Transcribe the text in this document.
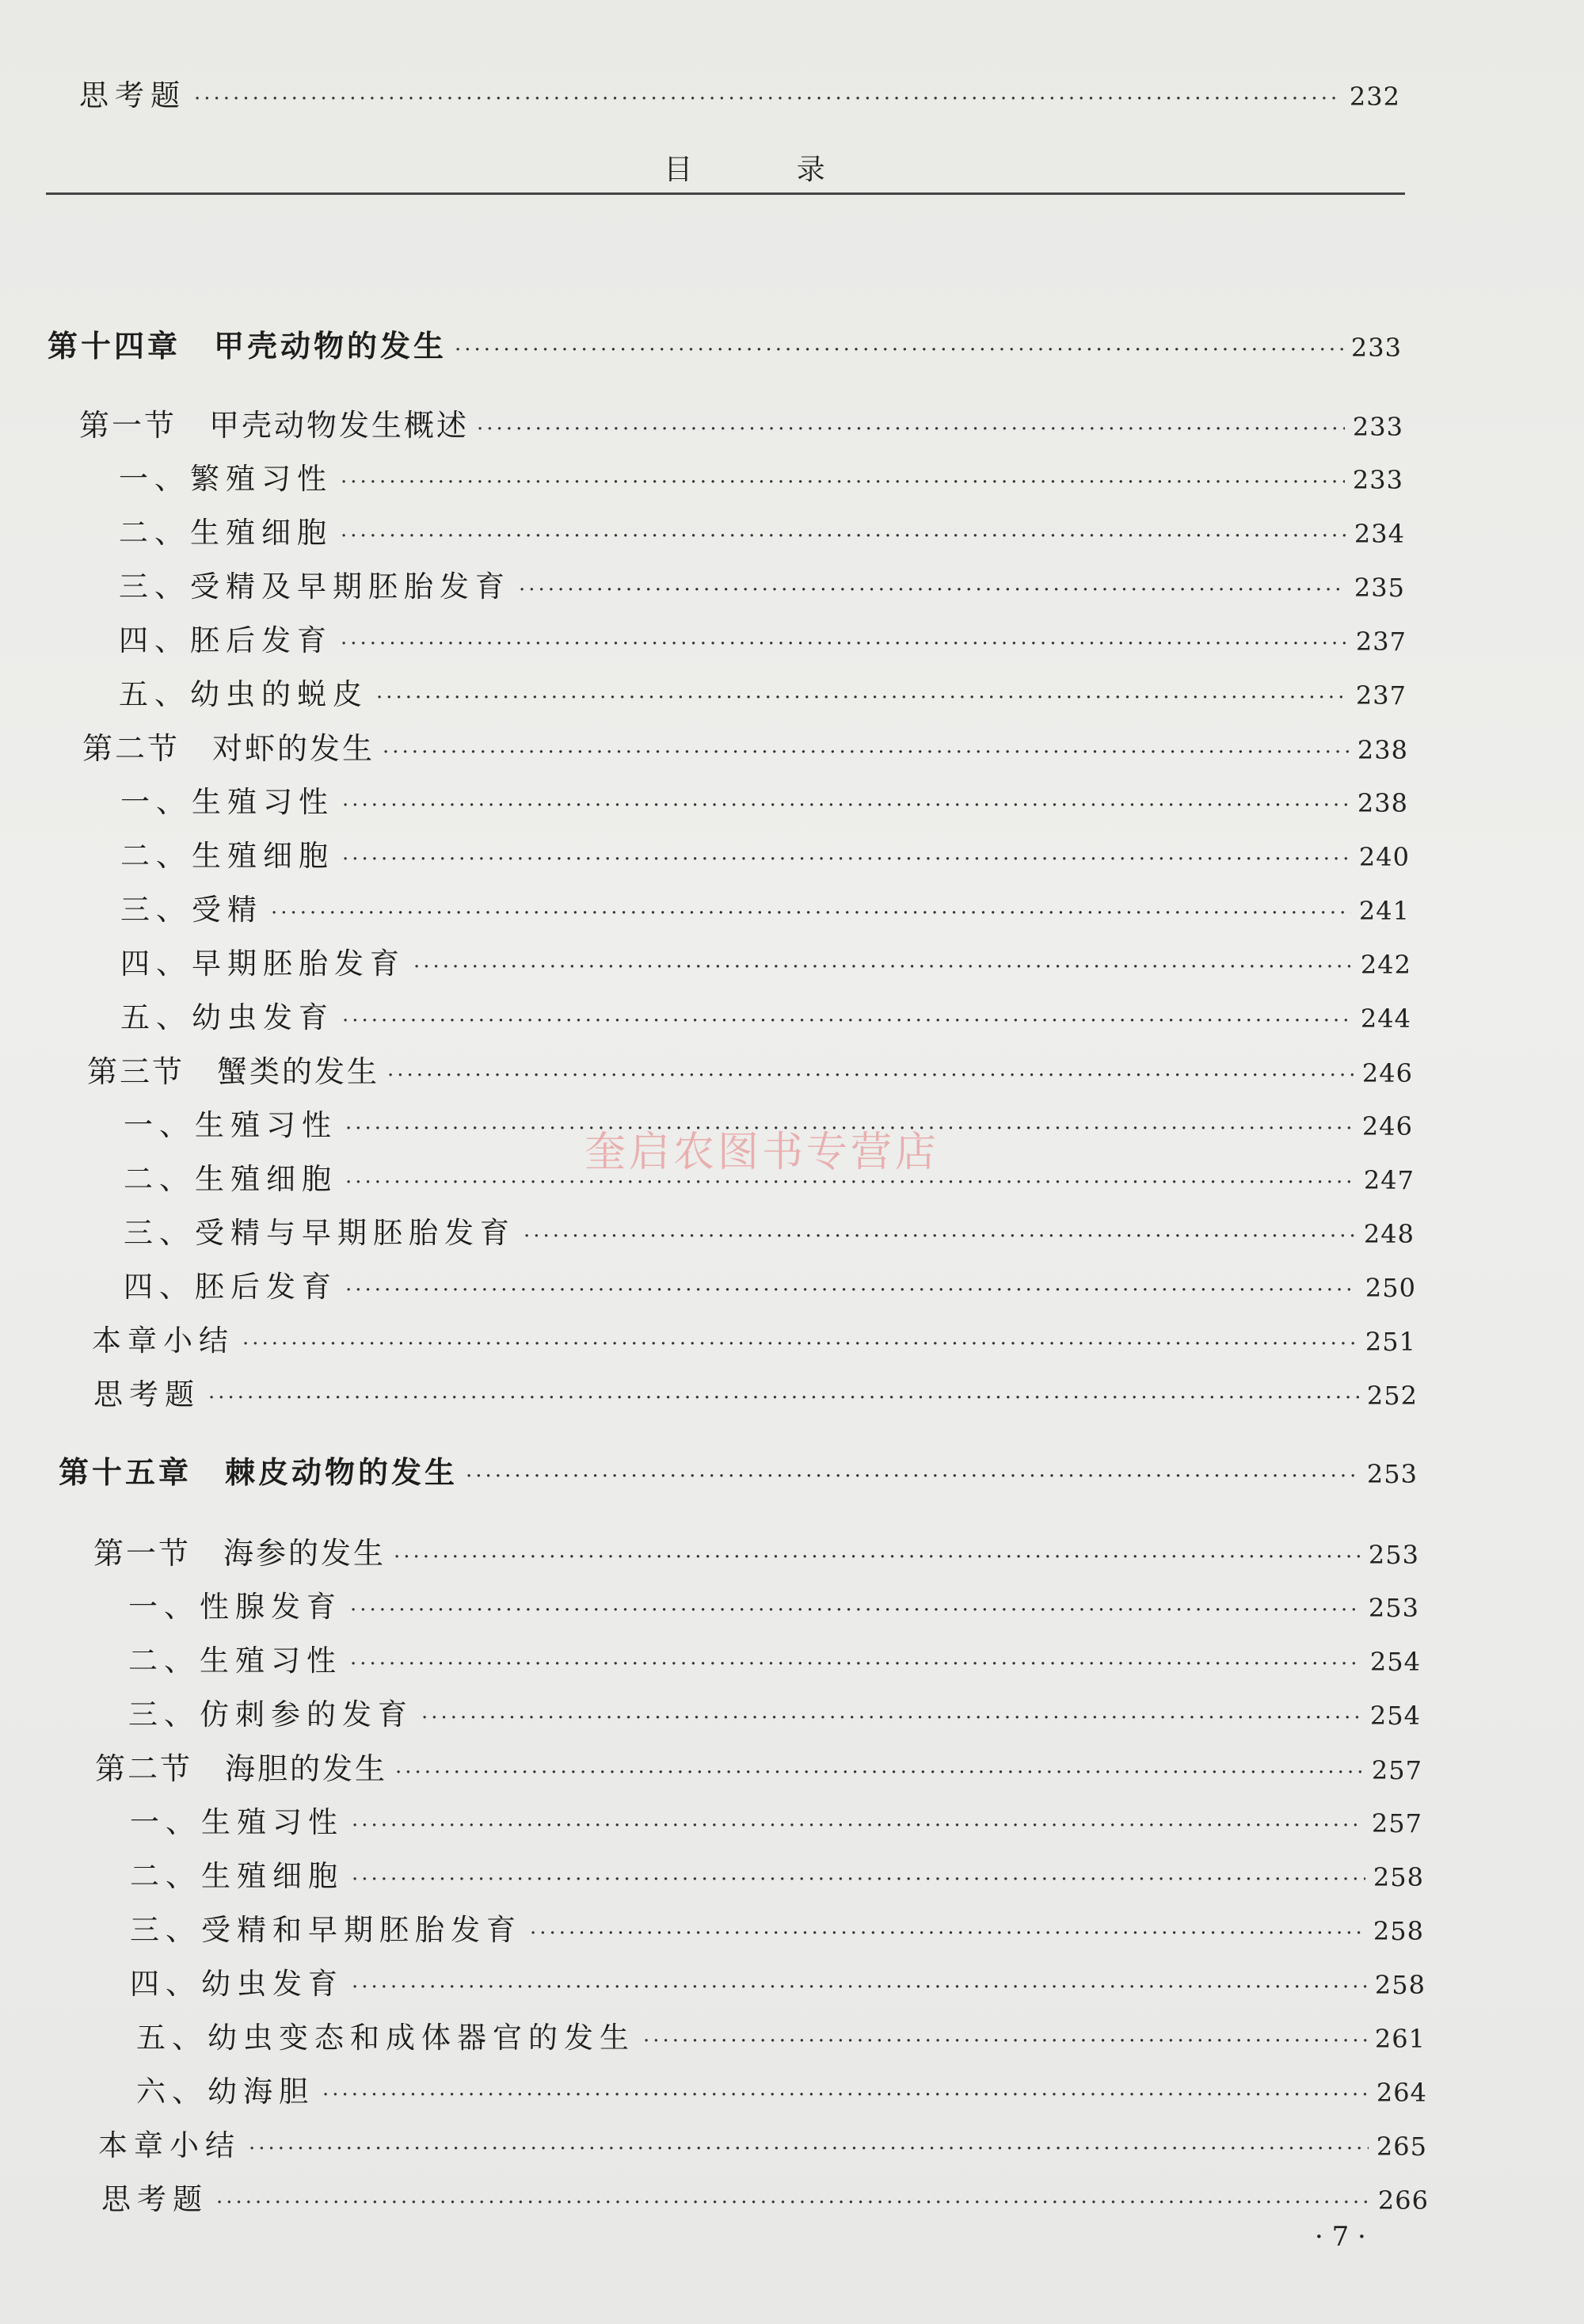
目 录
思考题 ·····	232
第十四章　甲壳动物的发生 ·····	233
第一节　甲壳动物发生概述 ·····	233
一、繁殖习性 ·····	233
二、生殖细胞 ·····	234
三、受精及早期胚胎发育 ·····	235
四、胚后发育 ·····	237
五、幼虫的蜕皮 ·····	237
第二节　对虾的发生 ·····	238
一、生殖习性 ·····	238
二、生殖细胞 ·····	240
三、受精 ·····	241
四、早期胚胎发育 ·····	242
五、幼虫发育 ·····	244
第三节　蟹类的发生 ·····	246
一、生殖习性 ·····	246
二、生殖细胞 ·····	247
三、受精与早期胚胎发育 ·····	248
四、胚后发育 ·····	250
本章小结 ·····	251
思考题 ·····	252
第十五章　棘皮动物的发生 ·····	253
第一节　海参的发生 ·····	253
一、性腺发育 ·····	253
二、生殖习性 ·····	254
三、仿刺参的发育 ·····	254
第二节　海胆的发生 ·····	257
一、生殖习性 ·····	257
二、生殖细胞 ·····	258
三、受精和早期胚胎发育 ·····	258
四、幼虫发育 ·····	258
五、幼虫变态和成体器官的发生 ·····	261
六、幼海胆 ·····	264
本章小结 ·····	265
思考题 ·····	266
奎启农图书专营店
· 7 ·
